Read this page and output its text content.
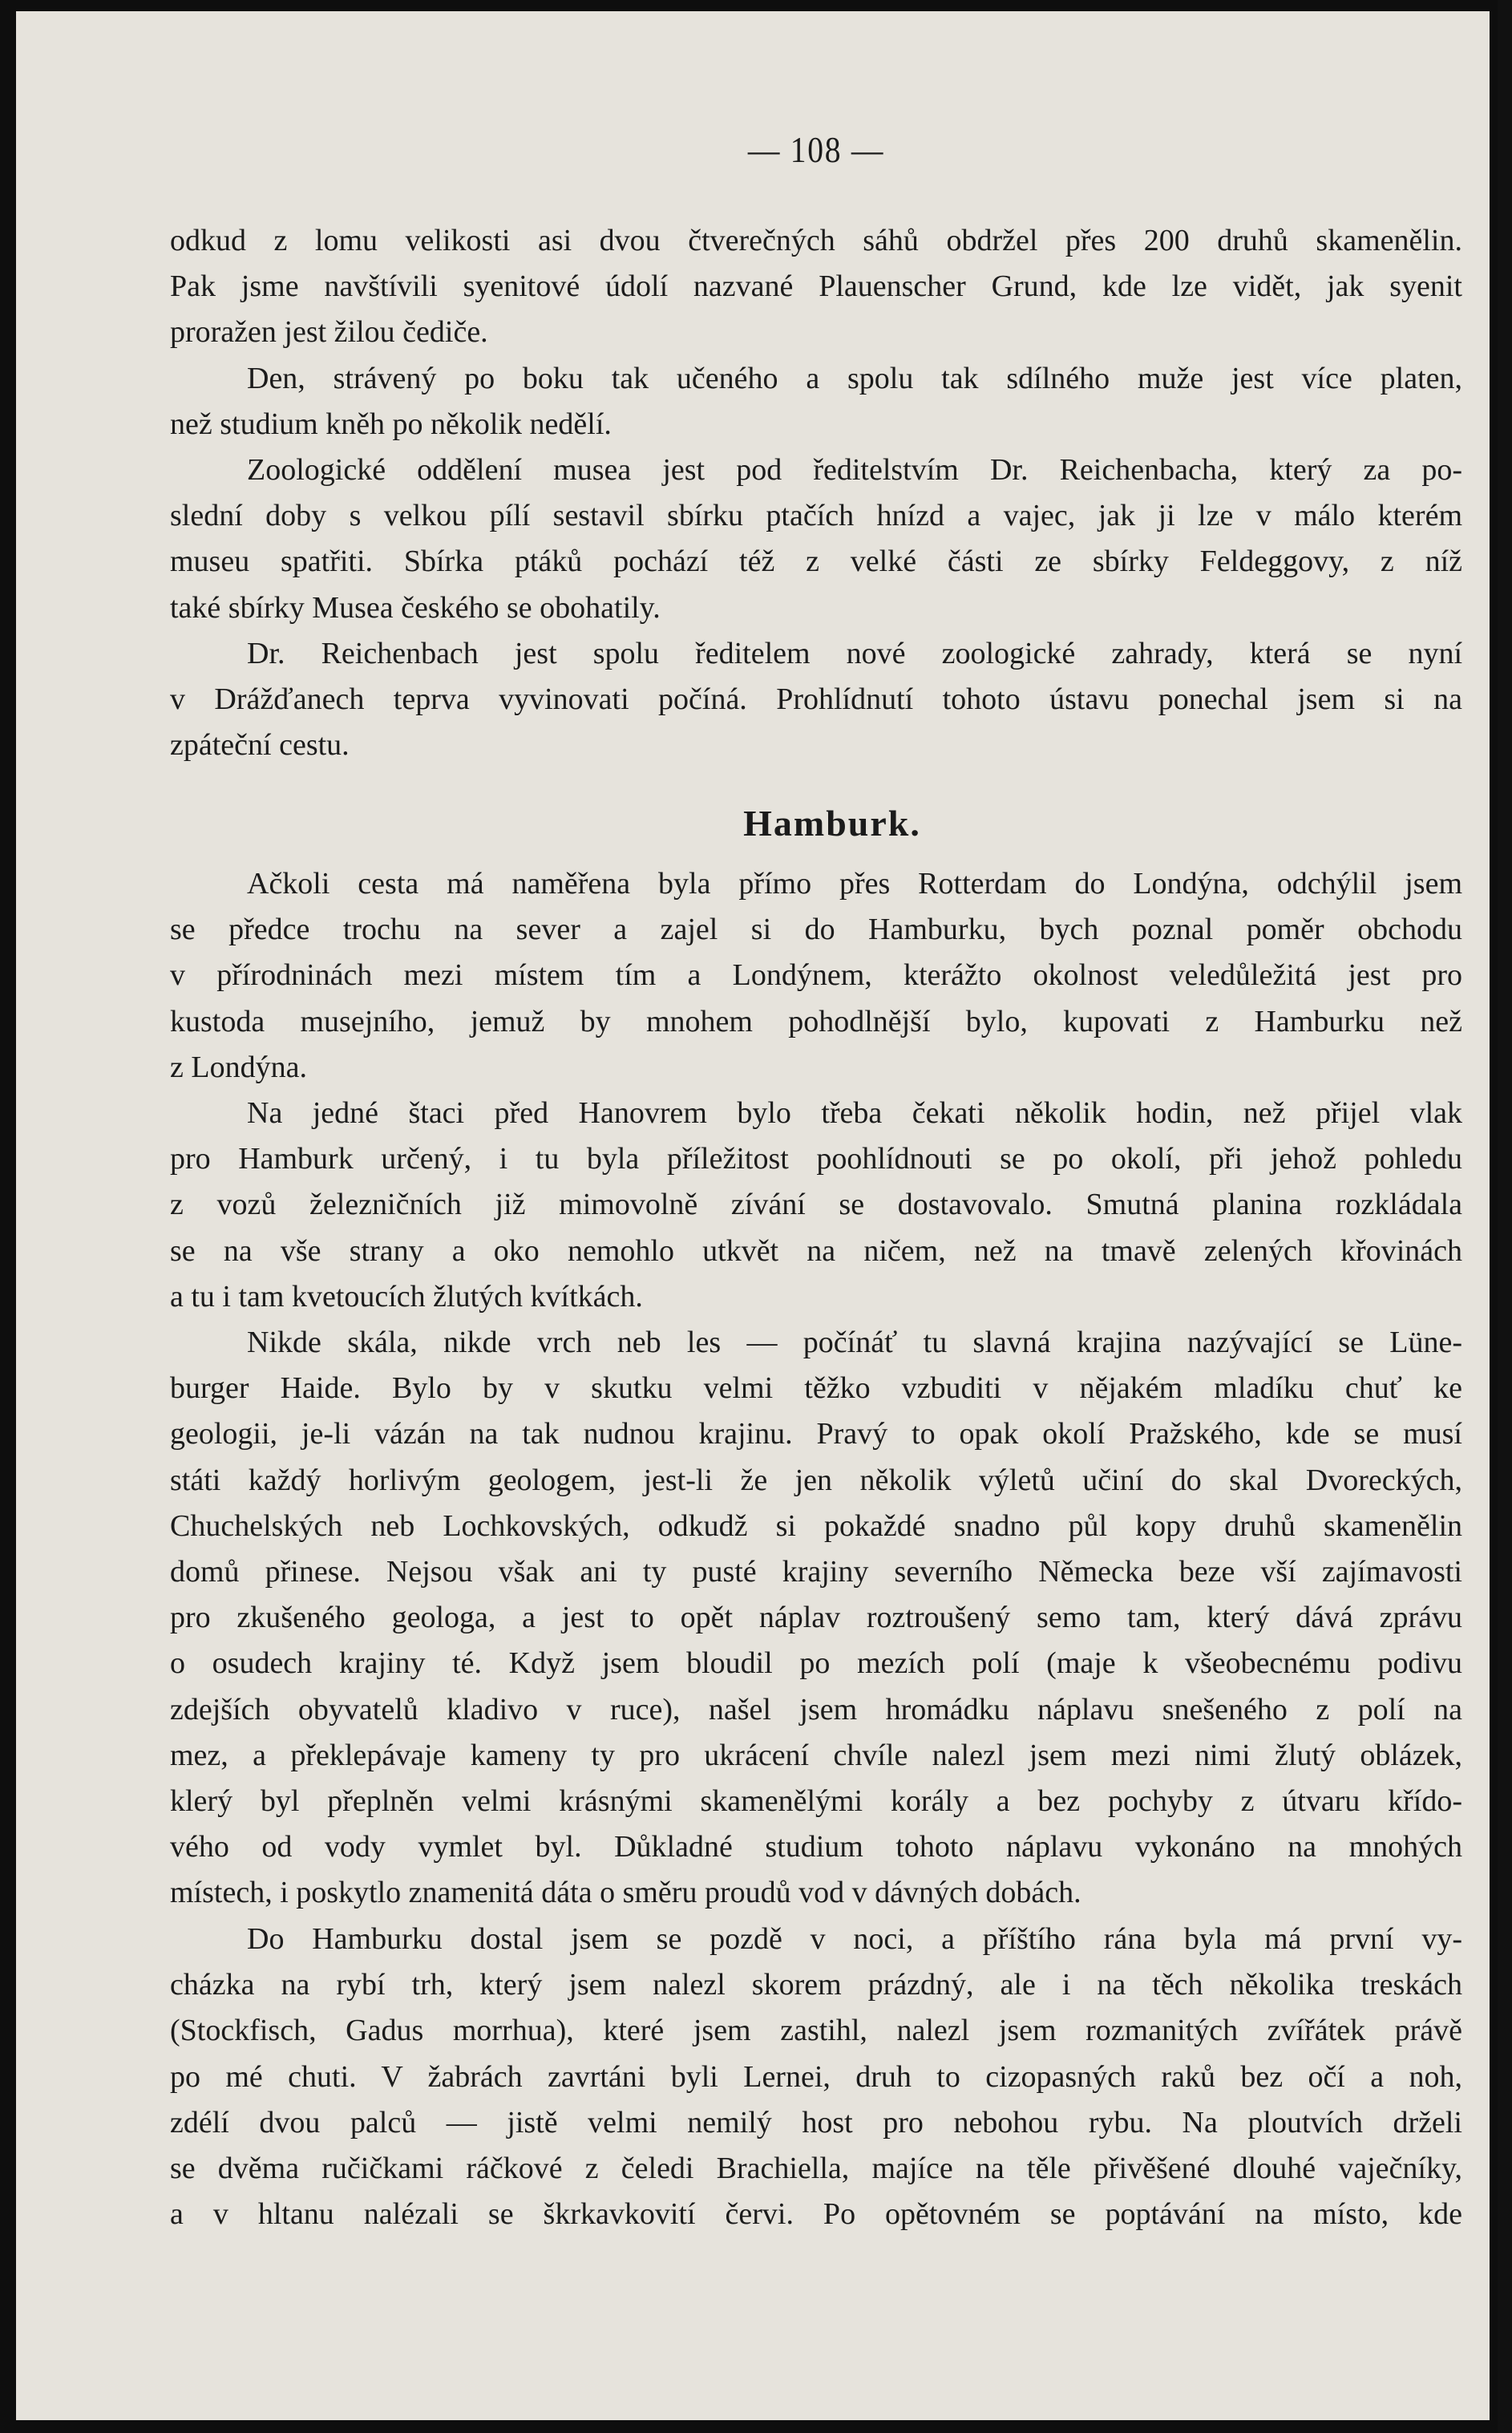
— 108 —
odkud z lomu velikosti asi dvou čtverečných sáhů obdržel přes 200 druhů skamenělin.
Pak jsme navštívili syenitové údolí nazvané Plauenscher Grund, kde lze vidět, jak syenit
proražen jest žilou čediče.
Den, strávený po boku tak učeného a spolu tak sdílného muže jest více platen,
než studium kněh po několik nedělí.
Zoologické oddělení musea jest pod ředitelstvím Dr. Reichenbacha, který za po-
slední doby s velkou pílí sestavil sbírku ptačích hnízd a vajec, jak ji lze v málo kterém
museu spatřiti. Sbírka ptáků pochází též z velké části ze sbírky Feldeggovy, z níž
také sbírky Musea českého se obohatily.
Dr. Reichenbach jest spolu ředitelem nové zoologické zahrady, která se nyní
v Drážďanech teprva vyvinovati počíná. Prohlídnutí tohoto ústavu ponechal jsem si na
zpáteční cestu.
Hamburk.
Ačkoli cesta má naměřena byla přímo přes Rotterdam do Londýna, odchýlil jsem
se předce trochu na sever a zajel si do Hamburku, bych poznal poměr obchodu
v přírodninách mezi místem tím a Londýnem, kterážto okolnost veledůležitá jest pro
kustoda musejního, jemuž by mnohem pohodlnější bylo, kupovati z Hamburku než
z Londýna.
Na jedné štaci před Hanovrem bylo třeba čekati několik hodin, než přijel vlak
pro Hamburk určený, i tu byla příležitost poohlídnouti se po okolí, při jehož pohledu
z vozů železničních již mimovolně zívání se dostavovalo. Smutná planina rozkládala
se na vše strany a oko nemohlo utkvět na ničem, než na tmavě zelených křovinách
a tu i tam kvetoucích žlutých kvítkách.
Nikde skála, nikde vrch neb les — počínáť tu slavná krajina nazývající se Lüne-
burger Haide. Bylo by v skutku velmi těžko vzbuditi v nějakém mladíku chuť ke
geologii, je-li vázán na tak nudnou krajinu. Pravý to opak okolí Pražského, kde se musí
státi každý horlivým geologem, jest-li že jen několik výletů učiní do skal Dvoreckých,
Chuchelských neb Lochkovských, odkudž si pokaždé snadno půl kopy druhů skamenělin
domů přinese. Nejsou však ani ty pusté krajiny severního Německa beze vší zajímavosti
pro zkušeného geologa, a jest to opět náplav roztroušený semo tam, který dává zprávu
o osudech krajiny té. Když jsem bloudil po mezích polí (maje k všeobecnému podivu
zdejších obyvatelů kladivo v ruce), našel jsem hromádku náplavu snešeného z polí na
mez, a překlepávaje kameny ty pro ukrácení chvíle nalezl jsem mezi nimi žlutý oblázek,
klerý byl přeplněn velmi krásnými skamenělými korály a bez pochyby z útvaru křído-
vého od vody vymlet byl. Důkladné studium tohoto náplavu vykonáno na mnohých
místech, i poskytlo znamenitá dáta o směru proudů vod v dávných dobách.
Do Hamburku dostal jsem se pozdě v noci, a příštího rána byla má první vy-
cházka na rybí trh, který jsem nalezl skorem prázdný, ale i na těch několika treskách
(Stockfisch, Gadus morrhua), které jsem zastihl, nalezl jsem rozmanitých zvířátek právě
po mé chuti. V žabrách zavrtáni byli Lernei, druh to cizopasných raků bez očí a noh,
zdélí dvou palců — jistě velmi nemilý host pro nebohou rybu. Na ploutvích drželi
se dvěma ručičkami ráčkové z čeledi Brachiella, majíce na těle přivěšené dlouhé vaječníky,
a v hltanu nalézali se škrkavkovití červi. Po opětovném se poptávání na místo, kde
